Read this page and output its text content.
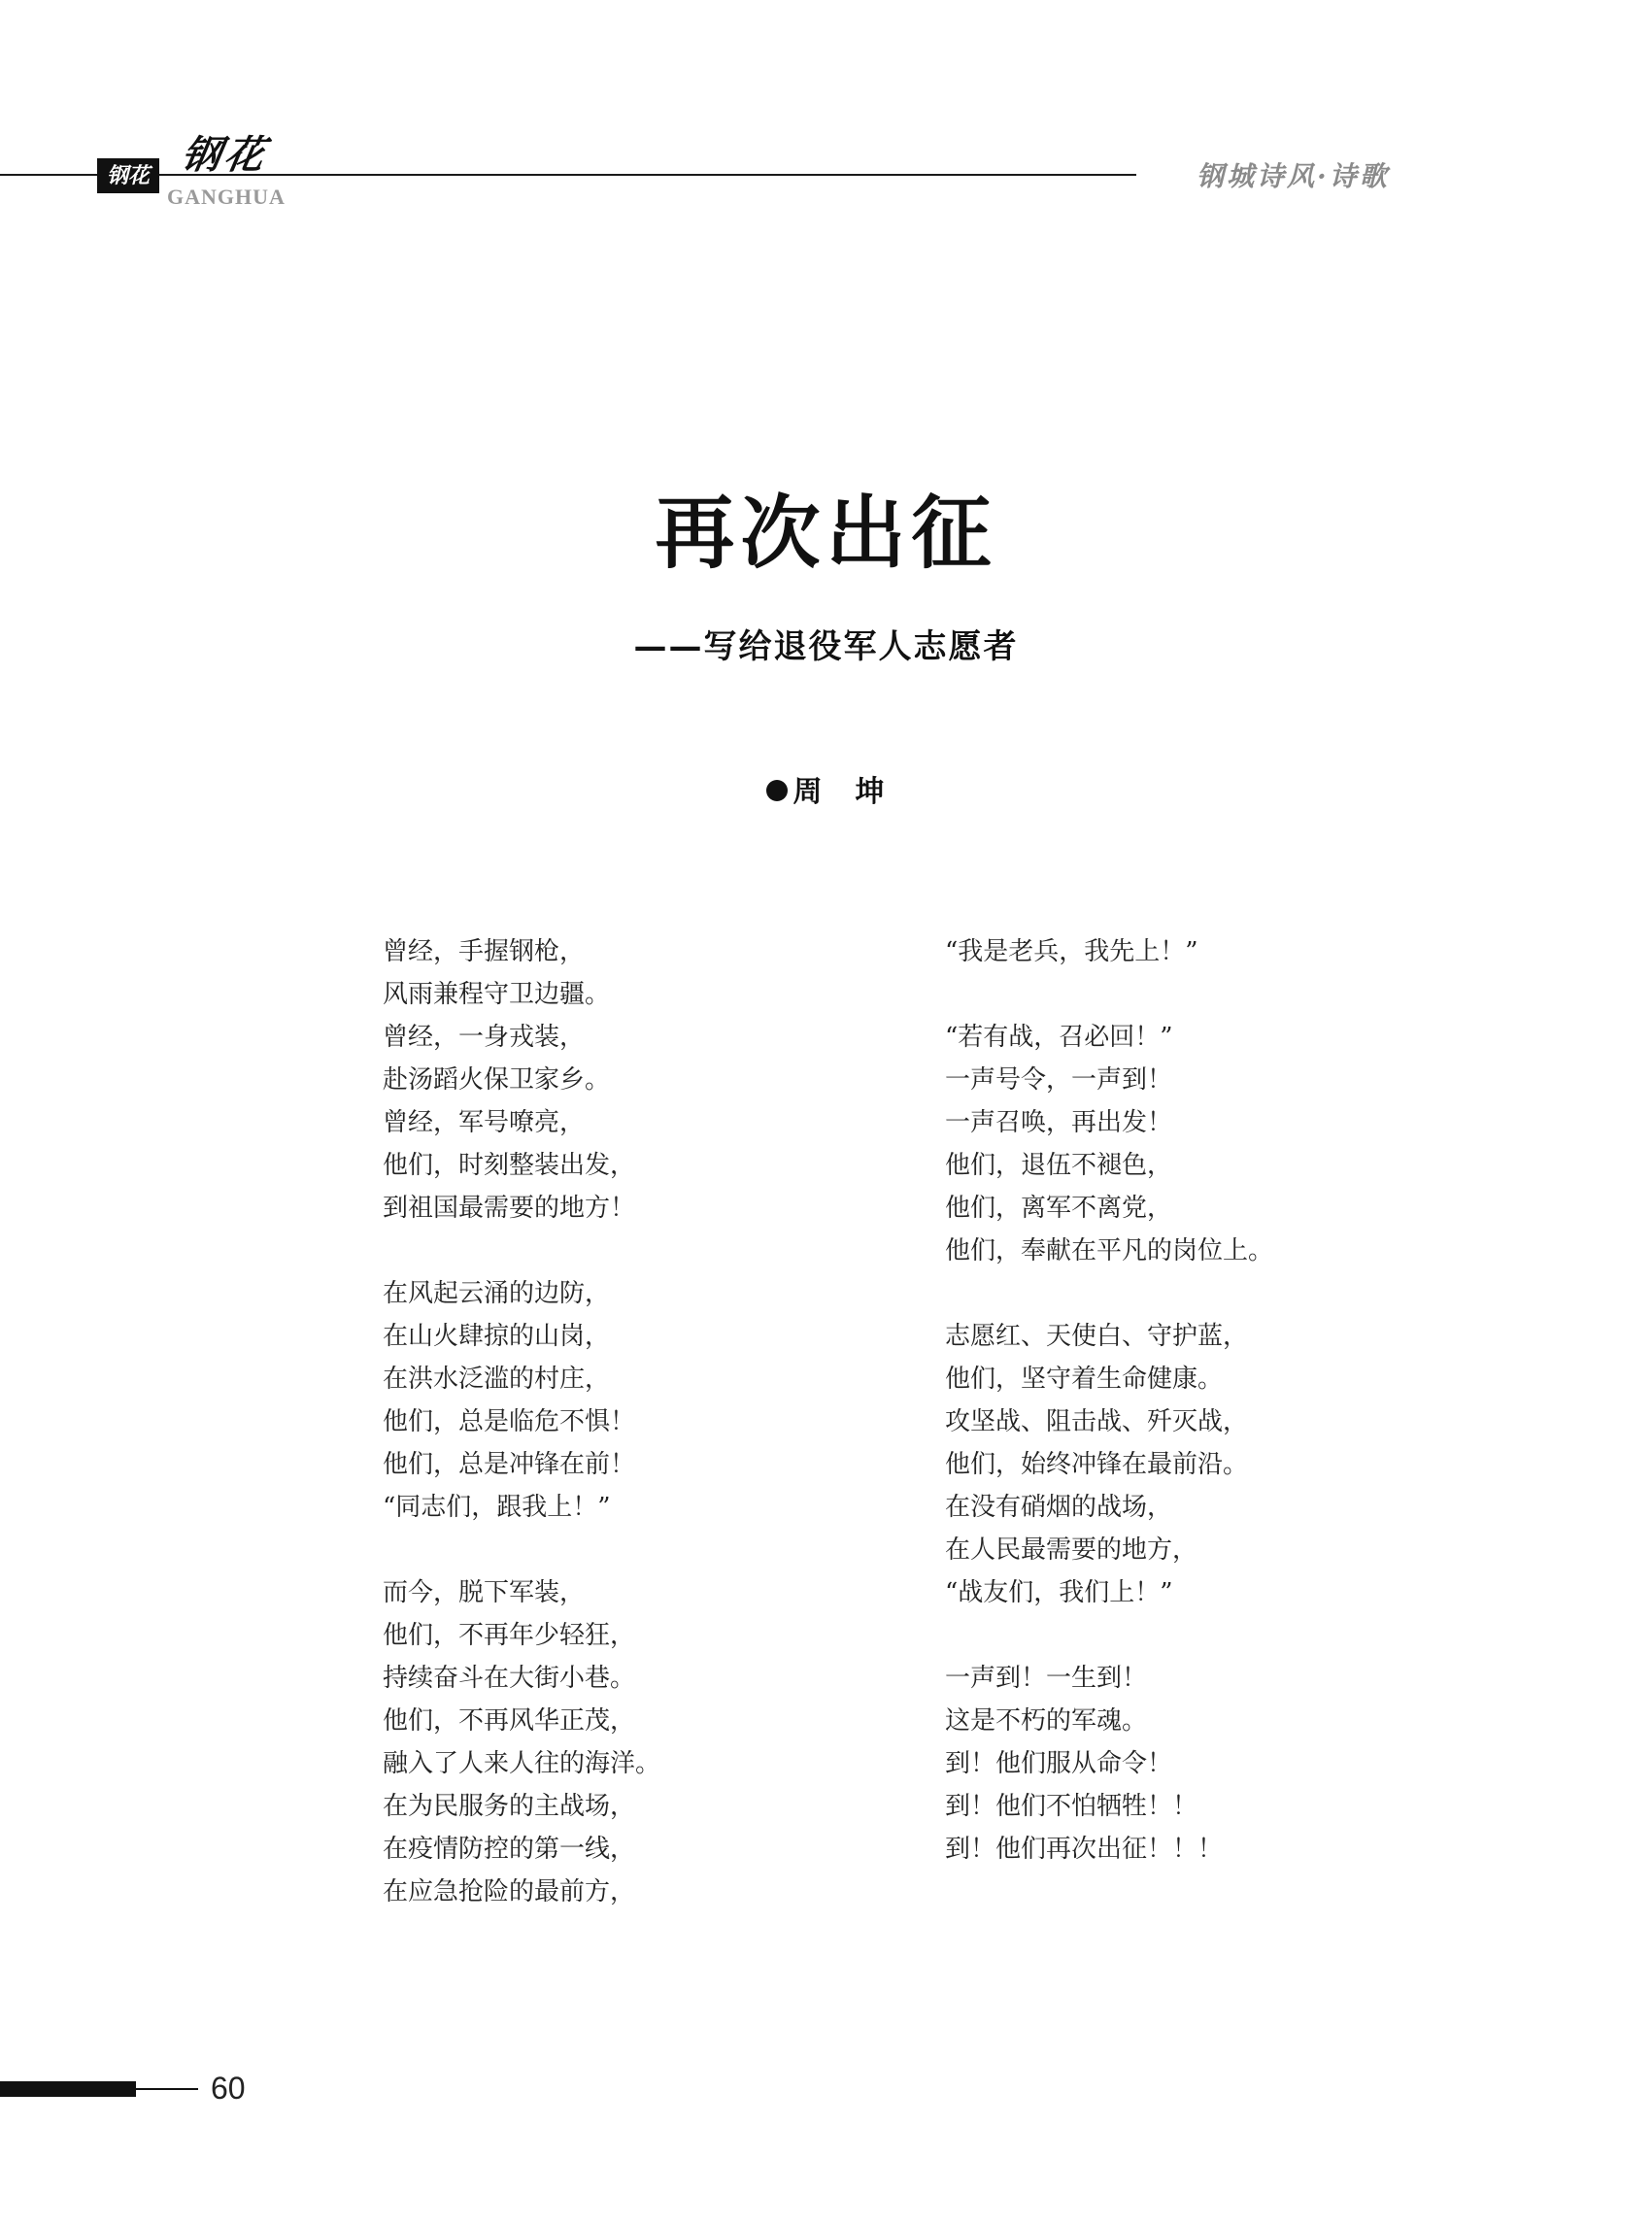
钢花 钢花
GANGHUA
钢城诗风·诗歌
再次出征
——写给退役军人志愿者
周　坤
曾经，手握钢枪，
风雨兼程守卫边疆。
曾经，一身戎装，
赴汤蹈火保卫家乡。
曾经，军号嘹亮，
他们，时刻整装出发，
到祖国最需要的地方！
在风起云涌的边防，
在山火肆掠的山岗，
在洪水泛滥的村庄，
他们，总是临危不惧！
他们，总是冲锋在前！
“同志们，跟我上！”
而今，脱下军装，
他们，不再年少轻狂，
持续奋斗在大街小巷。
他们，不再风华正茂，
融入了人来人往的海洋。
在为民服务的主战场，
在疫情防控的第一线，
在应急抢险的最前方，
“我是老兵，我先上！”
“若有战，召必回！”
一声号令，一声到！
一声召唤，再出发！
他们，退伍不褪色，
他们，离军不离党，
他们，奉献在平凡的岗位上。
志愿红、天使白、守护蓝，
他们，坚守着生命健康。
攻坚战、阻击战、歼灭战，
他们，始终冲锋在最前沿。
在没有硝烟的战场，
在人民最需要的地方，
“战友们，我们上！”
一声到！一生到！
这是不朽的军魂。
到！他们服从命令！
到！他们不怕牺牲！！
到！他们再次出征！！！
60
